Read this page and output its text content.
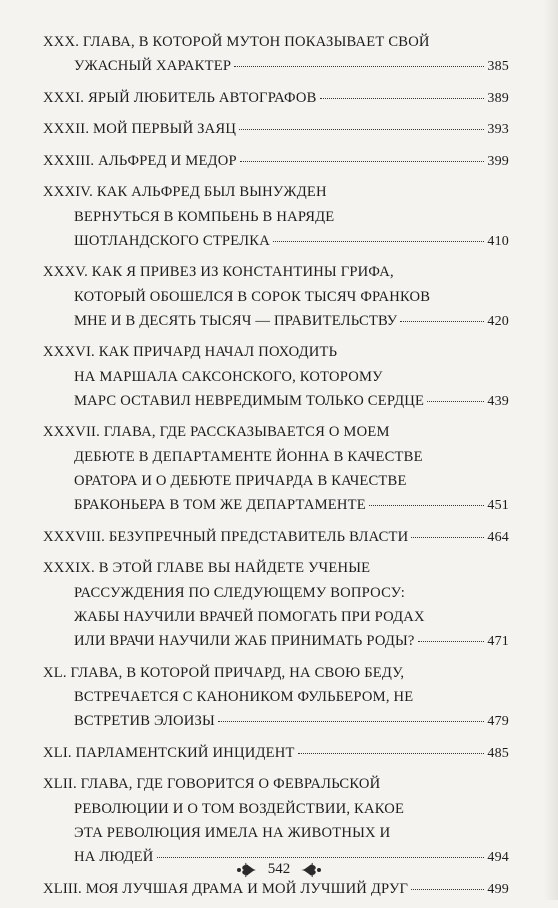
XXX. ГЛАВА, В КОТОРОЙ МУТОН ПОКАЗЫВАЕТ СВОЙ
УЖАСНЫЙ ХАРАКТЕР	385
XXXI. ЯРЫЙ ЛЮБИТЕЛЬ АВТОГРАФОВ	389
XXXII. МОЙ ПЕРВЫЙ ЗАЯЦ	393
XXXIII. АЛЬФРЕД И МЕДОР	399
XXXIV. КАК АЛЬФРЕД БЫЛ ВЫНУЖДЕН
ВЕРНУТЬСЯ В КОМПЬЕНЬ В НАРЯДЕ
ШОТЛАНДСКОГО СТРЕЛКА	410
XXXV. КАК Я ПРИВЕЗ ИЗ КОНСТАНТИНЫ ГРИФА,
КОТОРЫЙ ОБОШЕЛСЯ В СОРОК ТЫСЯЧ ФРАНКОВ
МНЕ И В ДЕСЯТЬ ТЫСЯЧ — ПРАВИТЕЛЬСТВУ	420
XXXVI. КАК ПРИЧАРД НАЧАЛ ПОХОДИТЬ
НА МАРШАЛА САКСОНСКОГО, КОТОРОМУ
МАРС ОСТАВИЛ НЕВРЕДИМЫМ ТОЛЬКО СЕРДЦЕ	439
XXXVII. ГЛАВА, ГДЕ РАССКАЗЫВАЕТСЯ О МОЕМ
ДЕБЮТЕ В ДЕПАРТАМЕНТЕ ЙОННА В КАЧЕСТВЕ
ОРАТОРА И О ДЕБЮТЕ ПРИЧАРДА В КАЧЕСТВЕ
БРАКОНЬЕРА В ТОМ ЖЕ ДЕПАРТАМЕНТЕ	451
XXXVIII. БЕЗУПРЕЧНЫЙ ПРЕДСТАВИТЕЛЬ ВЛАСТИ	464
XXXIX. В ЭТОЙ ГЛАВЕ ВЫ НАЙДЕТЕ УЧЕНЫЕ
РАССУЖДЕНИЯ ПО СЛЕДУЮЩЕМУ ВОПРОСУ:
ЖАБЫ НАУЧИЛИ ВРАЧЕЙ ПОМОГАТЬ ПРИ РОДАХ
ИЛИ ВРАЧИ НАУЧИЛИ ЖАБ ПРИНИМАТЬ РОДЫ?	471
XL. ГЛАВА, В КОТОРОЙ ПРИЧАРД, НА СВОЮ БЕДУ,
ВСТРЕЧАЕТСЯ С КАНОНИКОМ ФУЛЬБЕРОМ, НЕ
ВСТРЕТИВ ЭЛОИЗЫ	479
XLI. ПАРЛАМЕНТСКИЙ ИНЦИДЕНТ	485
XLII. ГЛАВА, ГДЕ ГОВОРИТСЯ О ФЕВРАЛЬСКОЙ
РЕВОЛЮЦИИ И О ТОМ ВОЗДЕЙСТВИИ, КАКОЕ
ЭТА РЕВОЛЮЦИЯ ИМЕЛА НА ЖИВОТНЫХ И
НА ЛЮДЕЙ	494
XLIII. МОЯ ЛУЧШАЯ ДРАМА И МОЙ ЛУЧШИЙ ДРУГ	499
542
